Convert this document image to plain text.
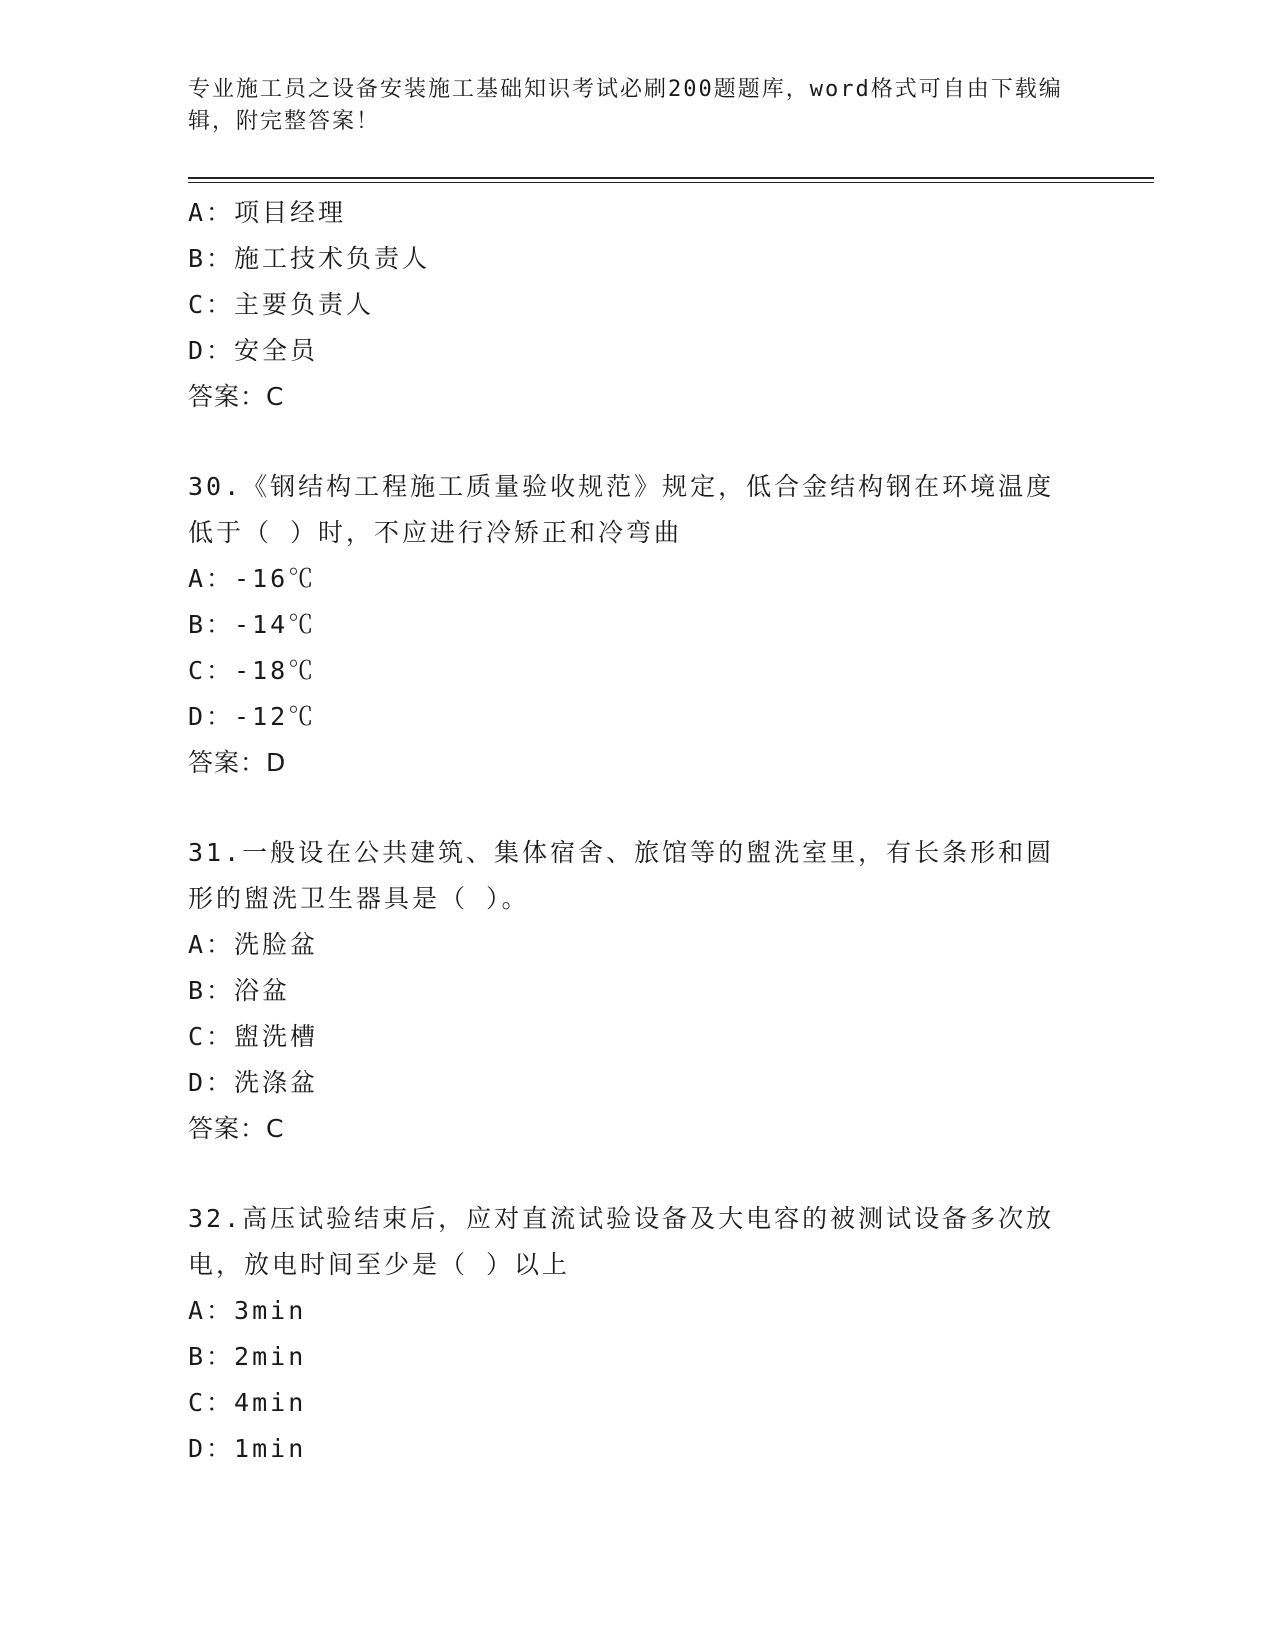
专业施工员之设备安装施工基础知识考试必刷200题题库，word格式可自由下载编辑，附完整答案！
A：项目经理
B：施工技术负责人
C：主要负责人
D：安全员
答案：C
30.《钢结构工程施工质量验收规范》规定，低合金结构钢在环境温度低于（ ）时，不应进行冷矫正和冷弯曲
A：-16℃
B：-14℃
C：-18℃
D：-12℃
答案：D
31.一般设在公共建筑、集体宿舍、旅馆等的盥洗室里，有长条形和圆形的盥洗卫生器具是（ ）。
A：洗脸盆
B：浴盆
C：盥洗槽
D：洗涤盆
答案：C
32.高压试验结束后，应对直流试验设备及大电容的被测试设备多次放电，放电时间至少是（ ）以上
A：3min
B：2min
C：4min
D：1min
